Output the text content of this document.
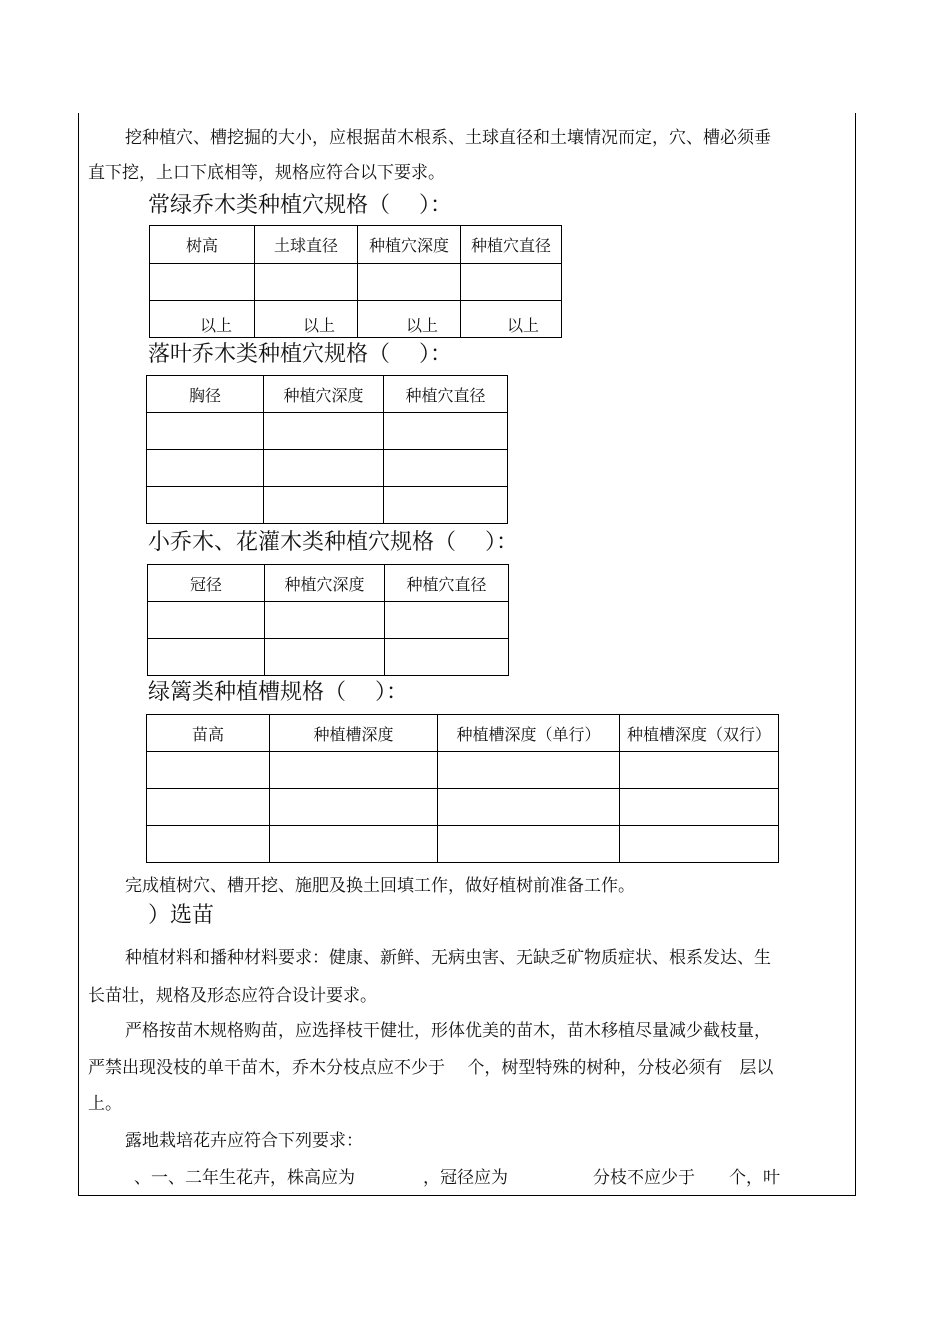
挖种植穴、槽挖掘的大小，应根据苗木根系、土球直径和土壤情况而定，穴、槽必须垂
直下挖，上口下底相等，规格应符合以下要求。
常绿乔木类种植穴规格（　 ）：
树高	土球直径	种植穴深度	种植穴直径

以上	以上	以上	以上
落叶乔木类种植穴规格（　 ）：
胸径	种植穴深度	种植穴直径

小乔木、花灌木类种植穴规格（　 ）：
冠径	种植穴深度	种植穴直径

绿篱类种植槽规格（　 ）：
苗高	种植槽深度	种植槽深度（单行）	种植槽深度（双行）

完成植树穴、槽开挖、施肥及换土回填工作，做好植树前准备工作。
）选苗
种植材料和播种材料要求：健康、新鲜、无病虫害、无缺乏矿物质症状、根系发达、生
长苗壮，规格及形态应符合设计要求。
严格按苗木规格购苗，应选择枝干健壮，形体优美的苗木，苗木移植尽量减少截枝量，
严禁出现没枝的单干苗木，乔木分枝点应不少于　 个，树型特殊的树种，分枝必须有　层以
上。
露地栽培花卉应符合下列要求：
、一、二年生花卉，株高应为　　　　，冠径应为　　　　　分枝不应少于　　个，叶
